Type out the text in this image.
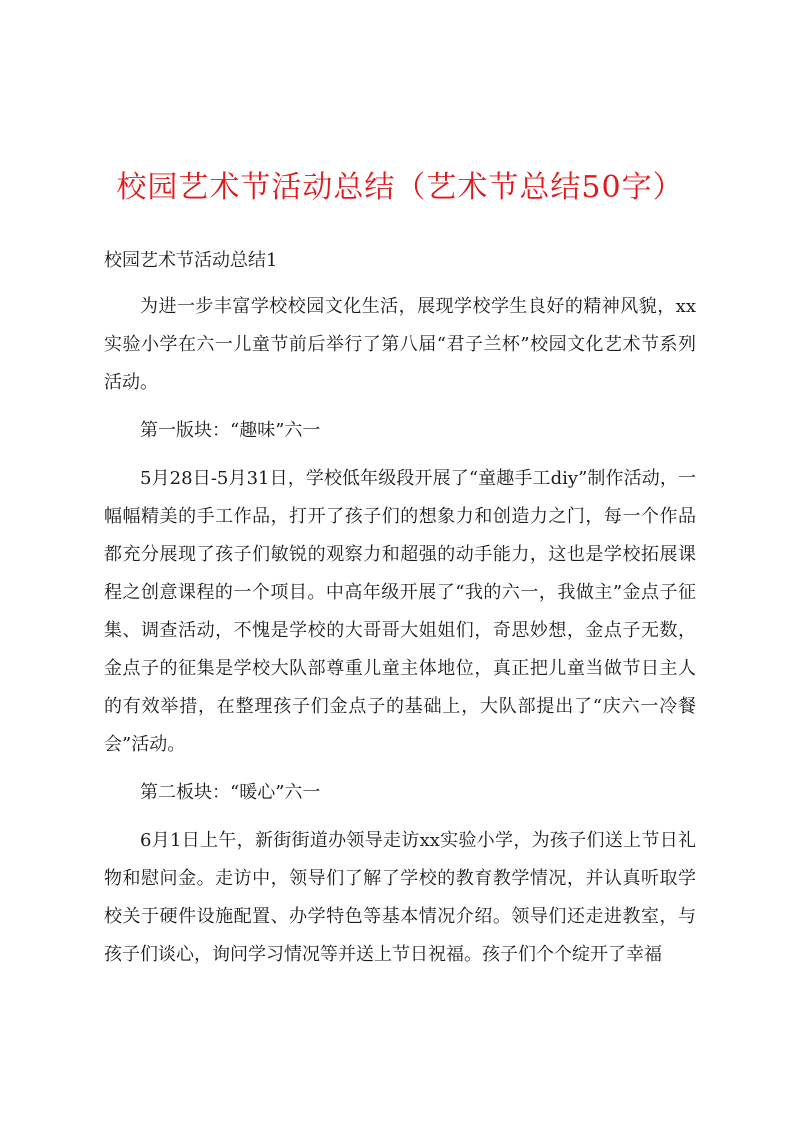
校园艺术节活动总结（艺术节总结50字）

校园艺术节活动总结1

为进一步丰富学校校园文化生活，展现学校学生良好的精神风貌，xx实验小学在六一儿童节前后举行了第八届“君子兰杯”校园文化艺术节系列活动。

第一版块：“趣味”六一

5月28日-5月31日，学校低年级段开展了“童趣手工diy”制作活动，一幅幅精美的手工作品，打开了孩子们的想象力和创造力之门，每一个作品都充分展现了孩子们敏锐的观察力和超强的动手能力，这也是学校拓展课程之创意课程的一个项目。中高年级开展了“我的六一，我做主”金点子征集、调查活动，不愧是学校的大哥哥大姐姐们，奇思妙想，金点子无数，金点子的征集是学校大队部尊重儿童主体地位，真正把儿童当做节日主人的有效举措，在整理孩子们金点子的基础上，大队部提出了“庆六一冷餐会”活动。

第二板块：“暖心”六一

6月1日上午，新街街道办领导走访xx实验小学，为孩子们送上节日礼物和慰问金。走访中，领导们了解了学校的教育教学情况，并认真听取学校关于硬件设施配置、办学特色等基本情况介绍。领导们还走进教室，与孩子们谈心，询问学习情况等并送上节日祝福。孩子们个个绽开了幸福
